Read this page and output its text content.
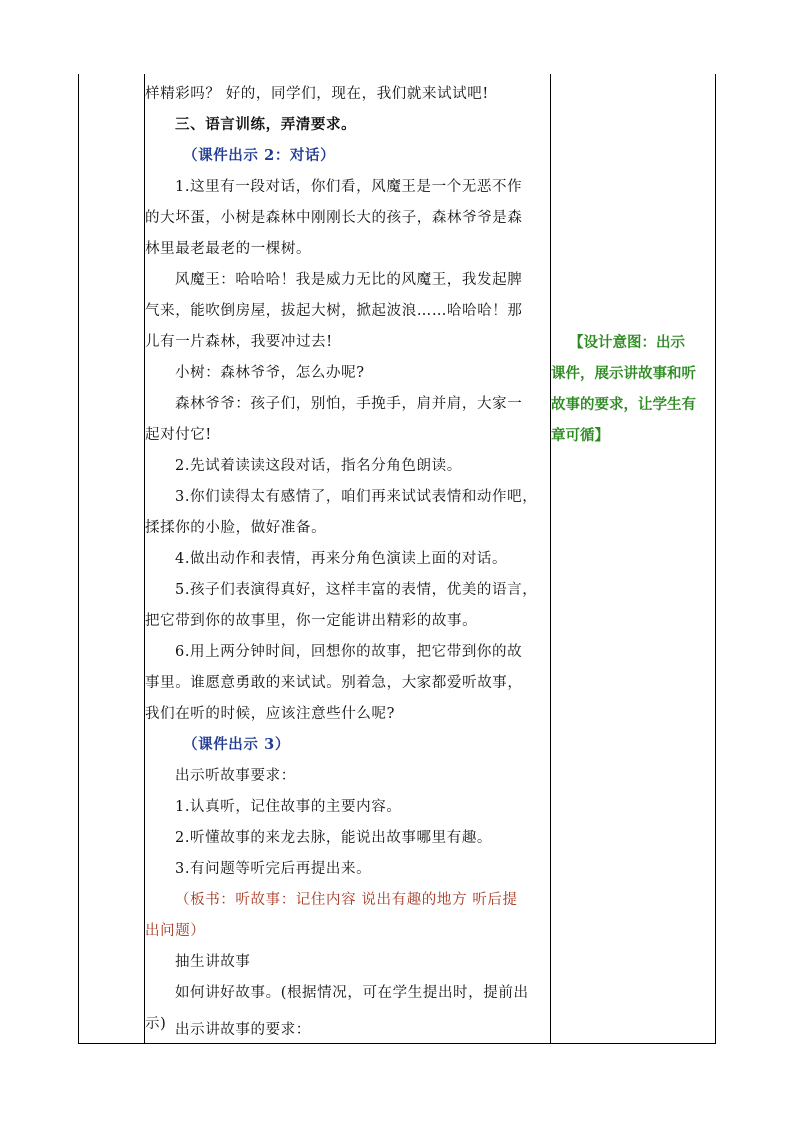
样精彩吗？ 好的，同学们，现在，我们就来试试吧!
三、语言训练，弄清要求。
（课件出示 2：对话）
1.这里有一段对话，你们看，风魔王是一个无恶不作
的大坏蛋，小树是森林中刚刚长大的孩子，森林爷爷是森
林里最老最老的一棵树。
风魔王：哈哈哈！我是威力无比的风魔王，我发起脾
气来，能吹倒房屋，拔起大树，掀起波浪……哈哈哈！那
儿有一片森林，我要冲过去!
小树：森林爷爷，怎么办呢?
森林爷爷：孩子们，别怕，手挽手，肩并肩，大家一
起对付它!
2.先试着读读这段对话，指名分角色朗读。
3.你们读得太有感情了，咱们再来试试表情和动作吧，
揉揉你的小脸，做好准备。
4.做出动作和表情，再来分角色演读上面的对话。
5.孩子们表演得真好，这样丰富的表情，优美的语言，
把它带到你的故事里，你一定能讲出精彩的故事。
6.用上两分钟时间，回想你的故事，把它带到你的故
事里。谁愿意勇敢的来试试。别着急，大家都爱听故事，
我们在听的时候，应该注意些什么呢?
（课件出示 3）
出示听故事要求：
1.认真听，记住故事的主要内容。
2.听懂故事的来龙去脉，能说出故事哪里有趣。
3.有问题等听完后再提出来。
（板书：听故事：记住内容 说出有趣的地方 听后提
出问题）
抽生讲故事
如何讲好故事。(根据情况，可在学生提出时，提前出
示) 出示讲故事的要求：
【设计意图：出示
课件，展示讲故事和听
故事的要求，让学生有
章可循】
